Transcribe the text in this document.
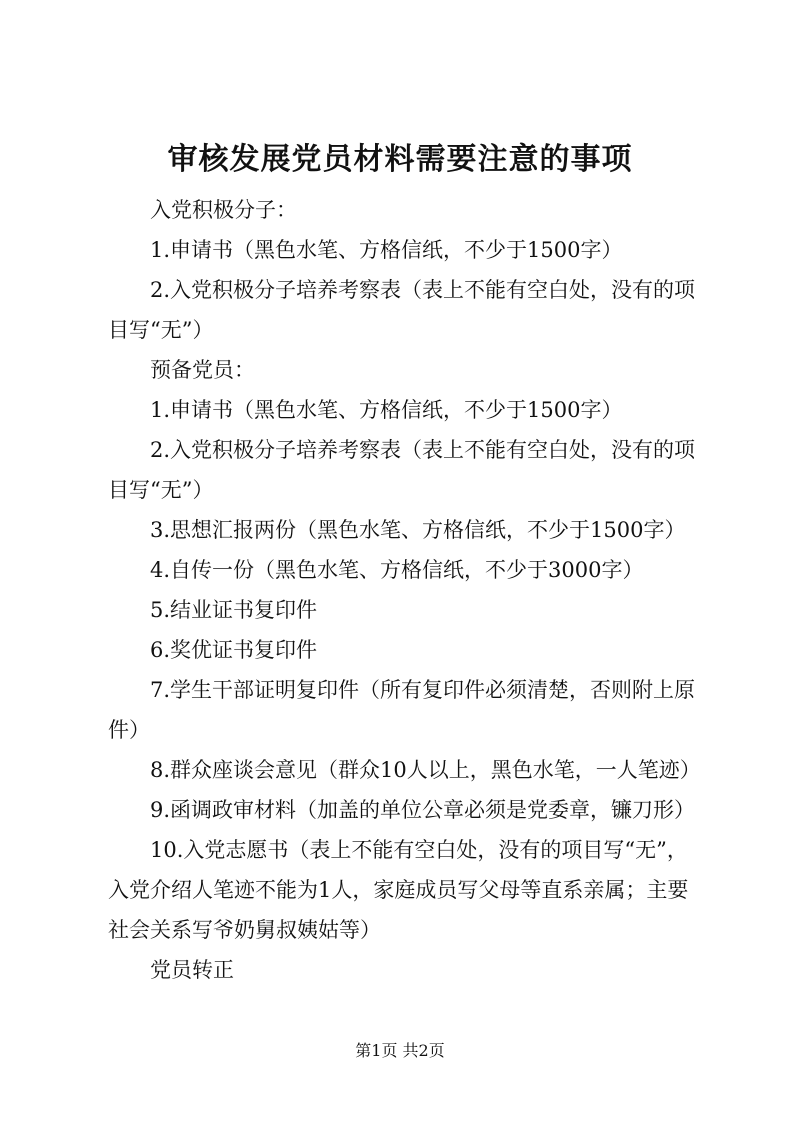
审核发展党员材料需要注意的事项

入党积极分子：

1.申请书（黑色水笔、方格信纸，不少于1500字）

2.入党积极分子培养考察表（表上不能有空白处，没有的项目写“无”）

预备党员：

1.申请书（黑色水笔、方格信纸，不少于1500字）

2.入党积极分子培养考察表（表上不能有空白处，没有的项目写“无”）

3.思想汇报两份（黑色水笔、方格信纸，不少于1500字）

4.自传一份（黑色水笔、方格信纸，不少于3000字）

5.结业证书复印件

6.奖优证书复印件

7.学生干部证明复印件（所有复印件必须清楚，否则附上原件）

8.群众座谈会意见（群众10人以上，黑色水笔，一人笔迹）

9.函调政审材料（加盖的单位公章必须是党委章，镰刀形）

10.入党志愿书（表上不能有空白处，没有的项目写“无”，入党介绍人笔迹不能为1人，家庭成员写父母等直系亲属；主要社会关系写爷奶舅叔姨姑等）

党员转正

第1页 共2页
